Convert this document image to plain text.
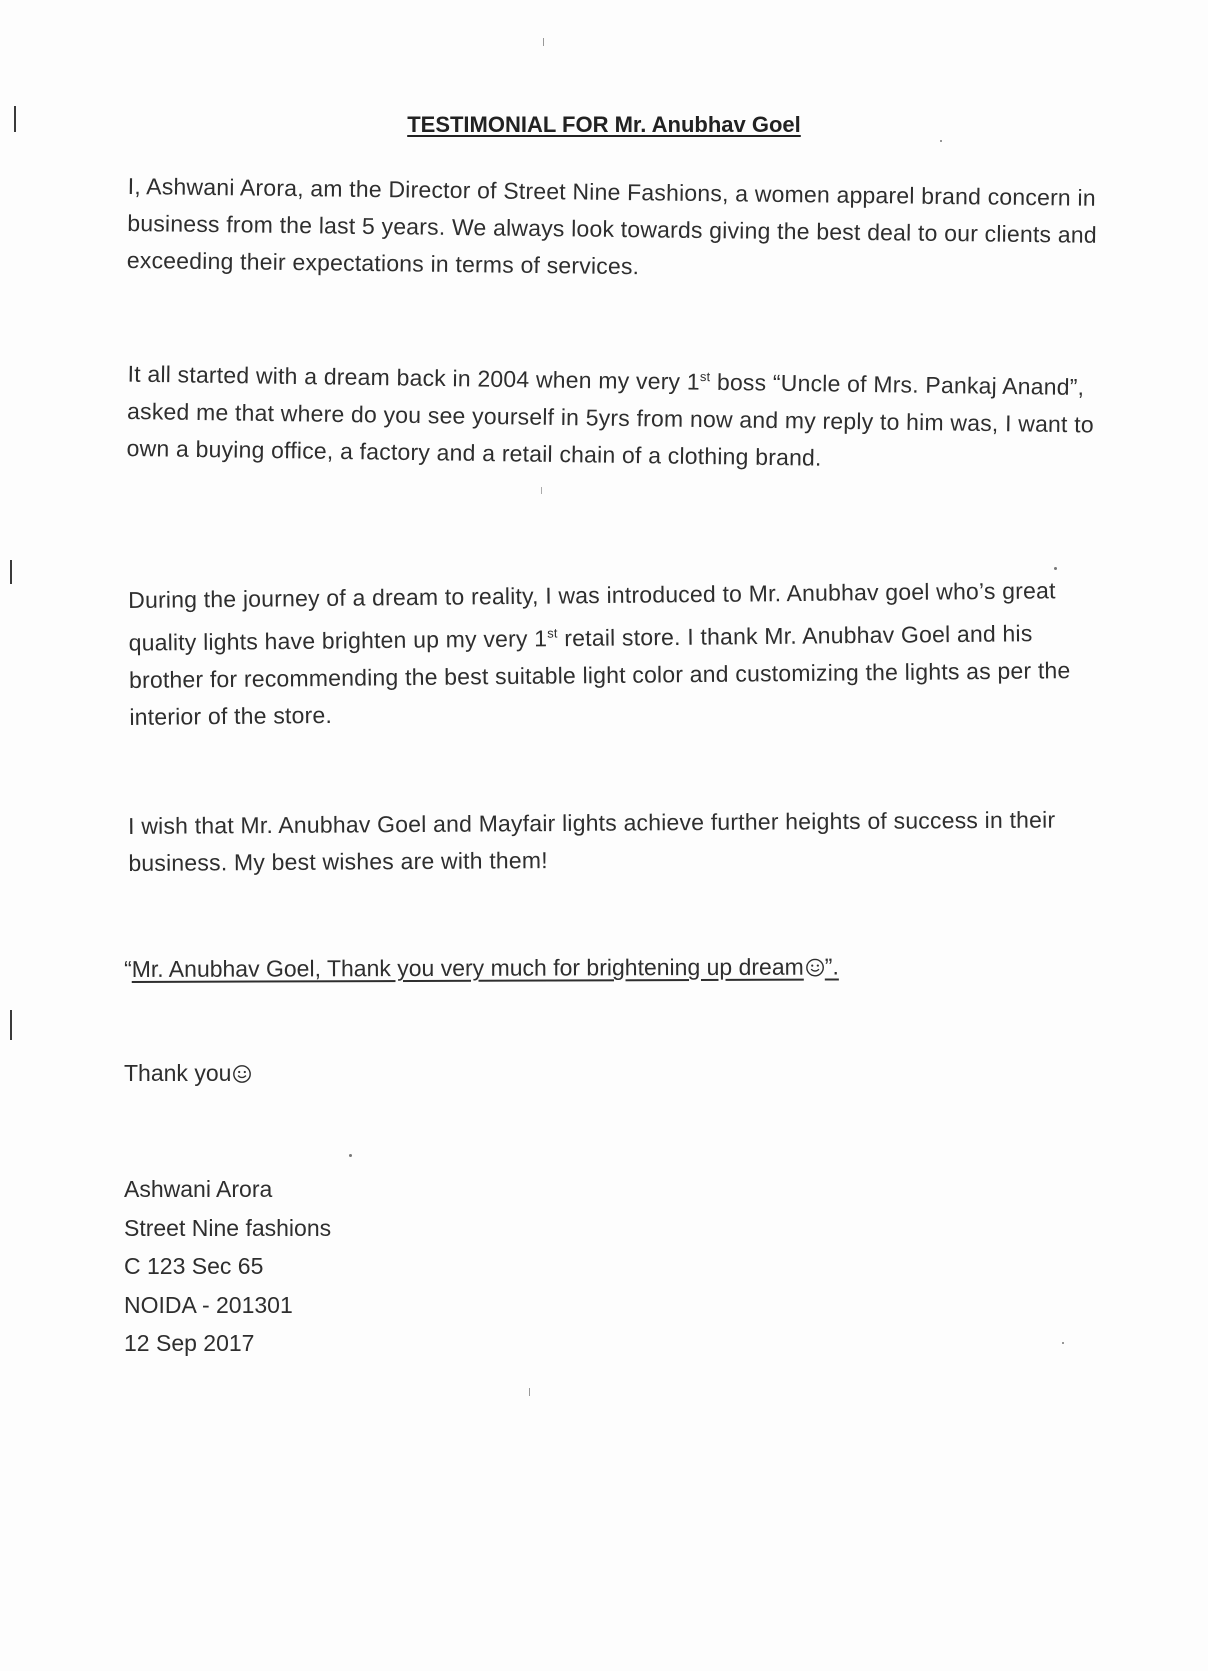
TESTIMONIAL FOR Mr. Anubhav Goel

I, Ashwani Arora, am the Director of Street Nine Fashions, a women apparel brand concern in business from the last 5 years. We always look towards giving the best deal to our clients and exceeding their expectations in terms of services.

It all started with a dream back in 2004 when my very 1st boss “Uncle of Mrs. Pankaj Anand”, asked me that where do you see yourself in 5yrs from now and my reply to him was, I want to own a buying office, a factory and a retail chain of a clothing brand.

During the journey of a dream to reality, I was introduced to Mr. Anubhav goel who’s great quality lights have brighten up my very 1st retail store. I thank Mr. Anubhav Goel and his brother for recommending the best suitable light color and customizing the lights as per the interior of the store.

I wish that Mr. Anubhav Goel and Mayfair lights achieve further heights of success in their business. My best wishes are with them!

“Mr. Anubhav Goel, Thank you very much for brightening up dream ”.
Thank you
Ashwani Arora
Street Nine fashions
C 123 Sec 65
NOIDA - 201301
12 Sep 2017
